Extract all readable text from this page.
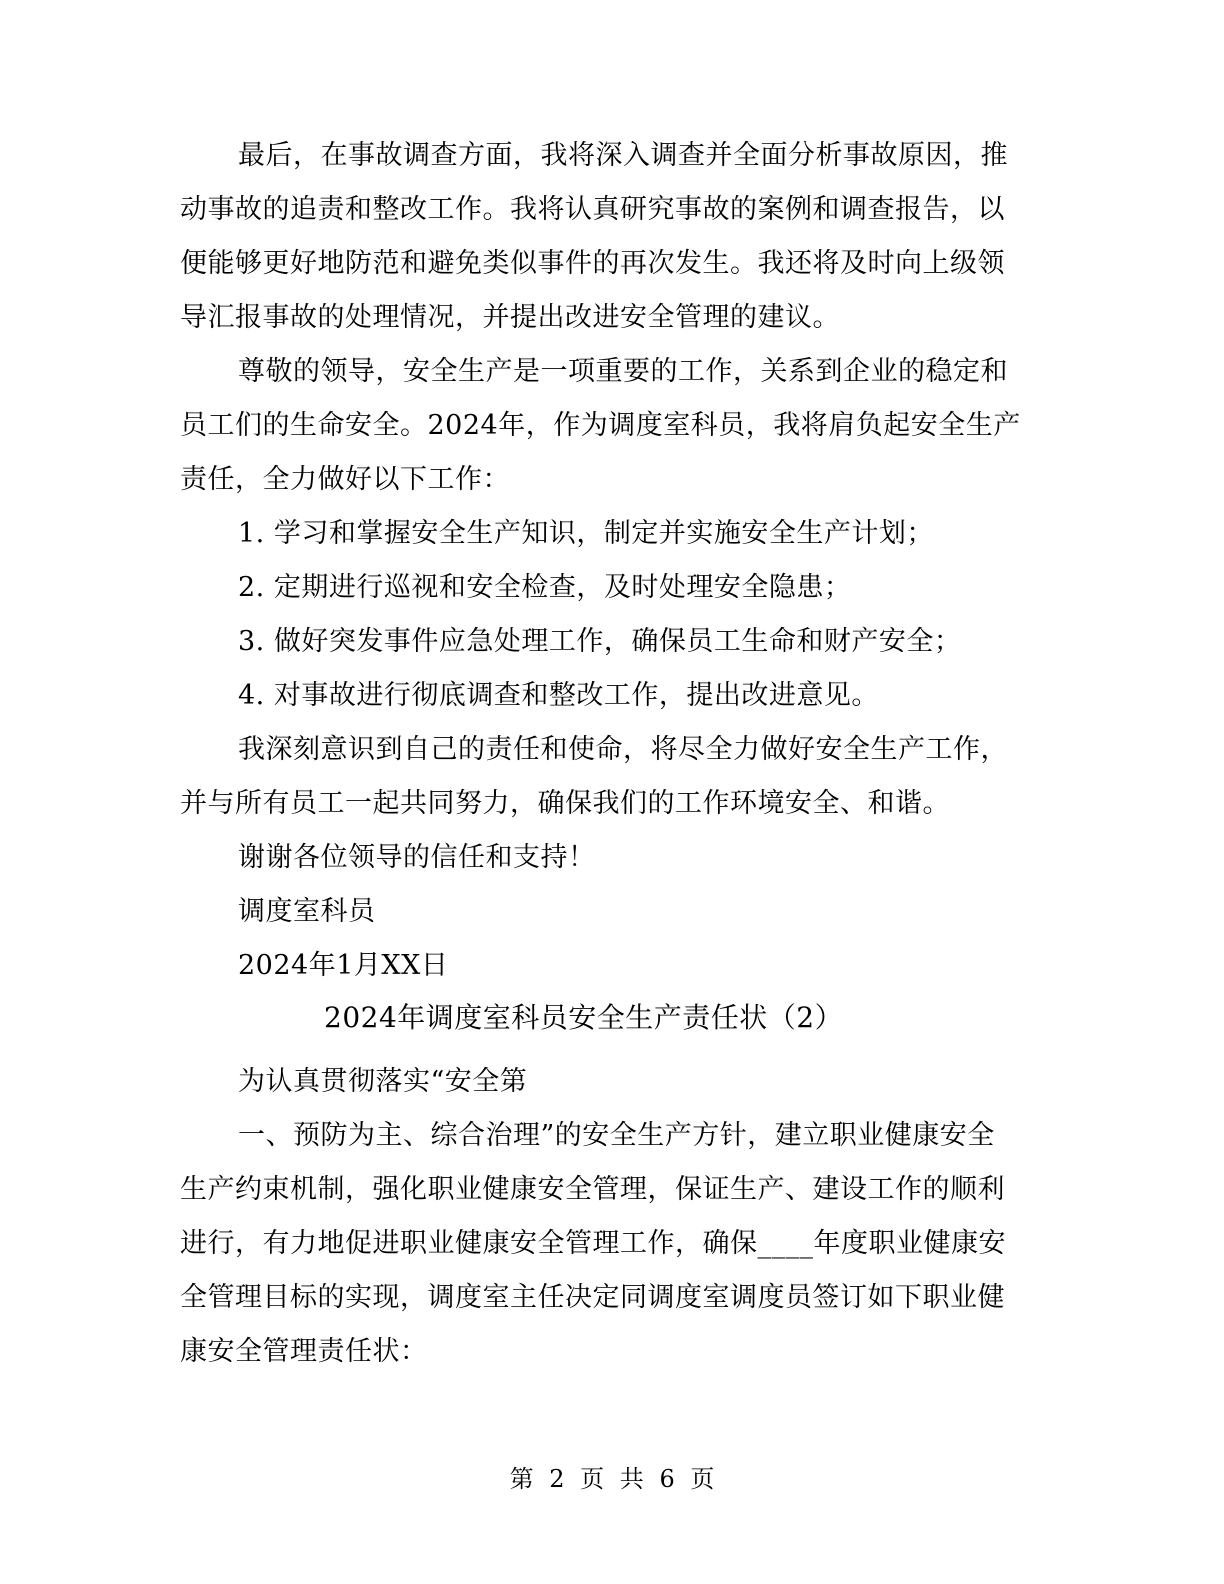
最后，在事故调查方面，我将深入调查并全面分析事故原因，推
动事故的追责和整改工作。我将认真研究事故的案例和调查报告，以
便能够更好地防范和避免类似事件的再次发生。我还将及时向上级领
导汇报事故的处理情况，并提出改进安全管理的建议。
尊敬的领导，安全生产是一项重要的工作，关系到企业的稳定和
员工们的生命安全。2024年，作为调度室科员，我将肩负起安全生产
责任，全力做好以下工作：
1. 学习和掌握安全生产知识，制定并实施安全生产计划；
2. 定期进行巡视和安全检查，及时处理安全隐患；
3. 做好突发事件应急处理工作，确保员工生命和财产安全；
4. 对事故进行彻底调查和整改工作，提出改进意见。
我深刻意识到自己的责任和使命，将尽全力做好安全生产工作，
并与所有员工一起共同努力，确保我们的工作环境安全、和谐。
谢谢各位领导的信任和支持！
调度室科员
2024年1月XX日
2024年调度室科员安全生产责任状（2）
为认真贯彻落实“安全第
一、预防为主、综合治理”的安全生产方针，建立职业健康安全
生产约束机制，强化职业健康安全管理，保证生产、建设工作的顺利
进行，有力地促进职业健康安全管理工作，确保____年度职业健康安
全管理目标的实现，调度室主任决定同调度室调度员签订如下职业健
康安全管理责任状：
第 2 页 共 6 页
